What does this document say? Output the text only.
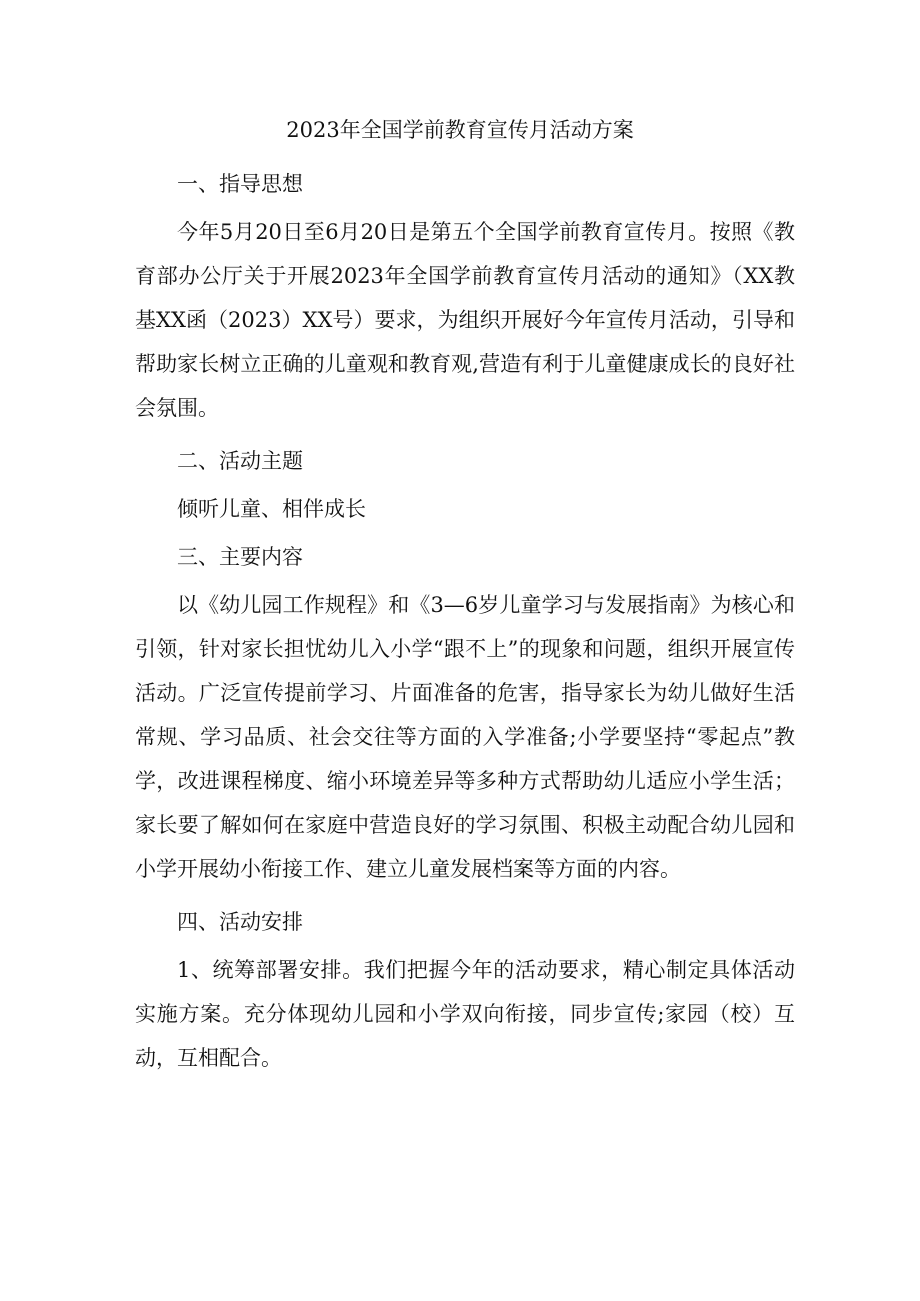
2023年全国学前教育宣传月活动方案

一、指导思想

今年5月20日至6月20日是第五个全国学前教育宣传月。按照《教育部办公厅关于开展2023年全国学前教育宣传月活动的通知》（XX教基XX函（2023）XX号）要求，为组织开展好今年宣传月活动，引导和帮助家长树立正确的儿童观和教育观,营造有利于儿童健康成长的良好社会氛围。

二、活动主题

倾听儿童、相伴成长

三、主要内容

以《幼儿园工作规程》和《3—6岁儿童学习与发展指南》为核心和引领，针对家长担忧幼儿入小学“跟不上”的现象和问题，组织开展宣传活动。广泛宣传提前学习、片面准备的危害，指导家长为幼儿做好生活常规、学习品质、社会交往等方面的入学准备;小学要坚持“零起点”教学，改进课程梯度、缩小环境差异等多种方式帮助幼儿适应小学生活；家长要了解如何在家庭中营造良好的学习氛围、积极主动配合幼儿园和小学开展幼小衔接工作、建立儿童发展档案等方面的内容。

四、活动安排

1、统筹部署安排。我们把握今年的活动要求，精心制定具体活动实施方案。充分体现幼儿园和小学双向衔接，同步宣传;家园（校）互动，互相配合。
